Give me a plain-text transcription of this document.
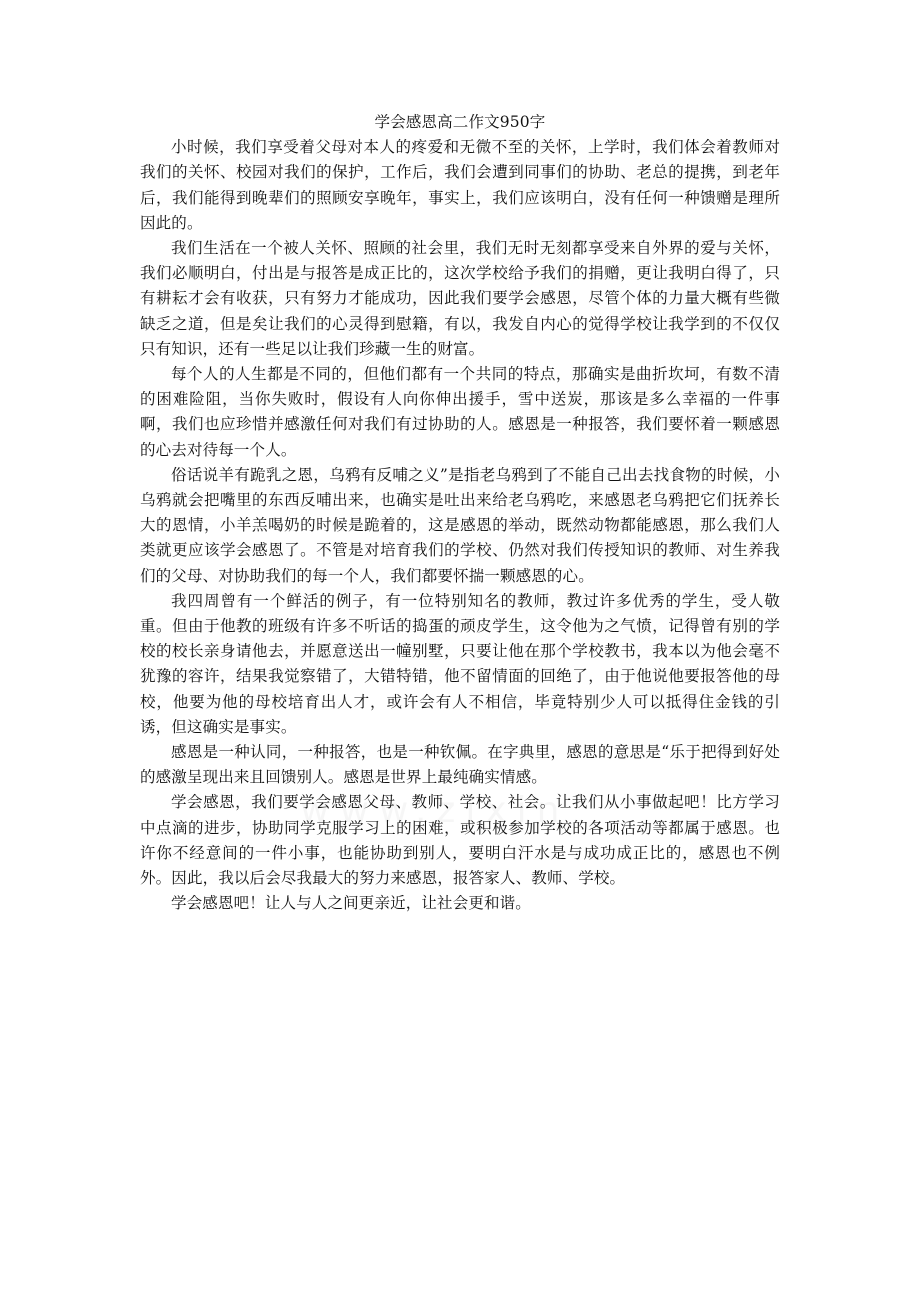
学会感恩高二作文950字

小时候，我们享受着父母对本人的疼爱和无微不至的关怀，上学时，我们体会着教师对我们的关怀、校园对我们的保护，工作后，我们会遭到同事们的协助、老总的提携，到老年后，我们能得到晚辈们的照顾安享晚年，事实上，我们应该明白，没有任何一种馈赠是理所因此的。

我们生活在一个被人关怀、照顾的社会里，我们无时无刻都享受来自外界的爱与关怀，我们必顺明白，付出是与报答是成正比的，这次学校给予我们的捐赠，更让我明白得了，只有耕耘才会有收获，只有努力才能成功，因此我们要学会感恩，尽管个体的力量大概有些微缺乏之道，但是矣让我们的心灵得到慰籍，有以，我发自内心的觉得学校让我学到的不仅仅只有知识，还有一些足以让我们珍藏一生的财富。

每个人的人生都是不同的，但他们都有一个共同的特点，那确实是曲折坎坷，有数不清的困难险阻，当你失败时，假设有人向你伸出援手，雪中送炭，那该是多么幸福的一件事啊，我们也应珍惜并感激任何对我们有过协助的人。感恩是一种报答，我们要怀着一颗感恩的心去对待每一个人。

俗话说羊有跪乳之恩，乌鸦有反哺之义”是指老乌鸦到了不能自己出去找食物的时候，小乌鸦就会把嘴里的东西反哺出来，也确实是吐出来给老乌鸦吃，来感恩老乌鸦把它们抚养长大的恩情，小羊羔喝奶的时候是跪着的，这是感恩的举动，既然动物都能感恩，那么我们人类就更应该学会感恩了。不管是对培育我们的学校、仍然对我们传授知识的教师、对生养我们的父母、对协助我们的每一个人，我们都要怀揣一颗感恩的心。

我四周曾有一个鲜活的例子，有一位特别知名的教师，教过许多优秀的学生，受人敬重。但由于他教的班级有许多不听话的捣蛋的顽皮学生，这令他为之气愤，记得曾有别的学校的校长亲身请他去，并愿意送出一幢别墅，只要让他在那个学校教书，我本以为他会毫不犹豫的容许，结果我觉察错了，大错特错，他不留情面的回绝了，由于他说他要报答他的母校，他要为他的母校培育出人才，或许会有人不相信，毕竟特别少人可以抵得住金钱的引诱，但这确实是事实。

感恩是一种认同，一种报答，也是一种钦佩。在字典里，感恩的意思是“乐于把得到好处的感激呈现出来且回馈别人。感恩是世界上最纯确实情感。

学会感恩，我们要学会感恩父母、教师、学校、社会。让我们从小事做起吧！比方学习中点滴的进步，协助同学克服学习上的困难，或积极参加学校的各项活动等都属于感恩。也许你不经意间的一件小事，也能协助到别人，要明白汗水是与成功成正比的，感恩也不例外。因此，我以后会尽我最大的努力来感恩，报答家人、教师、学校。

学会感恩吧！让人与人之间更亲近，让社会更和谐。
